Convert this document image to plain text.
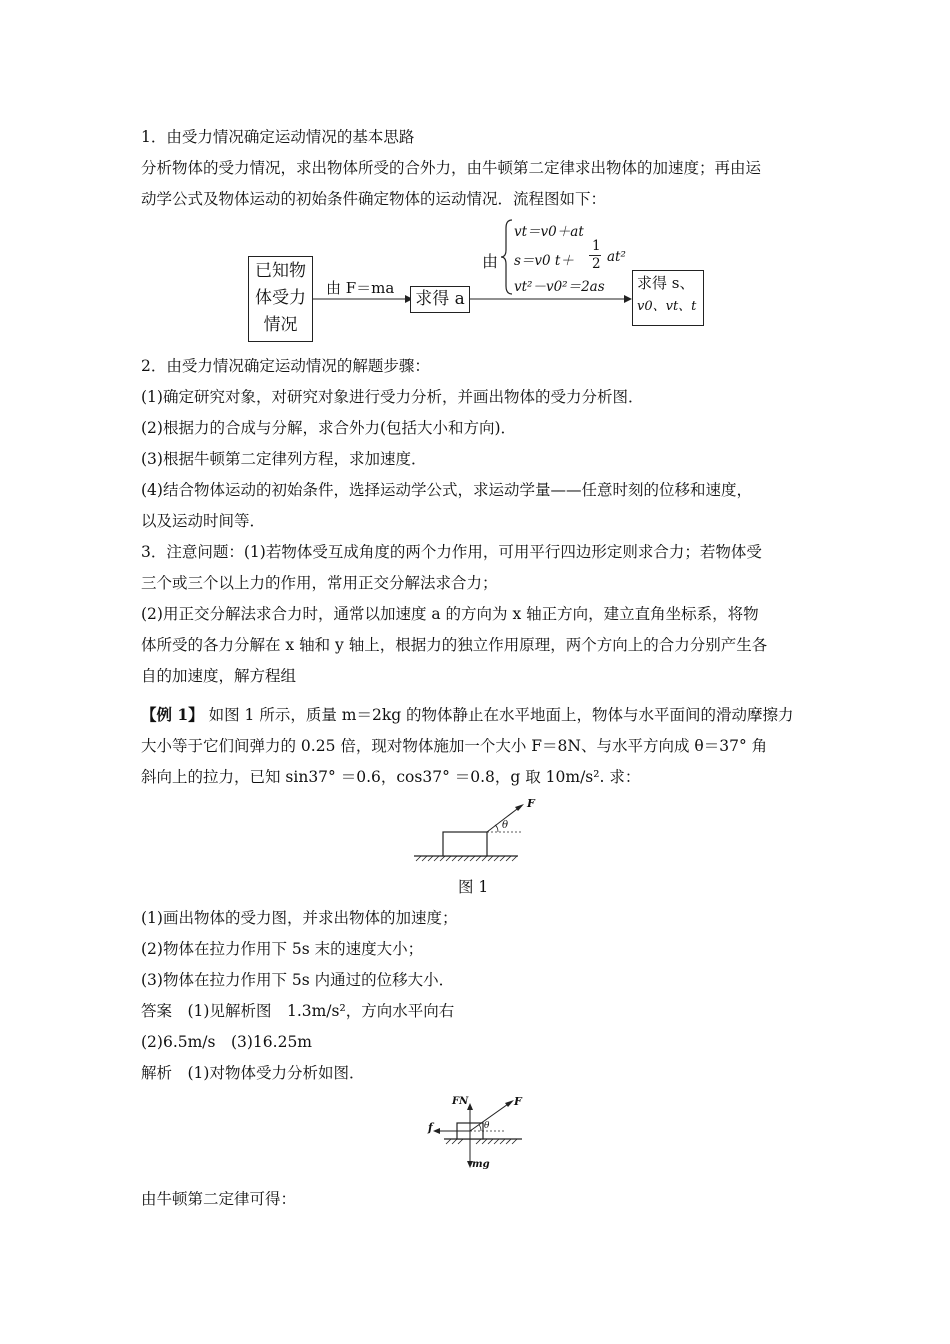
1．由受力情况确定运动情况的基本思路
分析物体的受力情况，求出物体所受的合外力，由牛顿第二定律求出物体的加速度；再由运
动学公式及物体运动的初始条件确定物体的运动情况．流程图如下：
已知物
体受力
情况
由 F＝ma
求得 a
由
vt＝v0＋at
s＝v0 t＋
1
2 at²
vt²－v0²＝2as 求得 s、
v0、vt、t
2．由受力情况确定运动情况的解题步骤：
(1)确定研究对象，对研究对象进行受力分析，并画出物体的受力分析图．
(2)根据力的合成与分解，求合外力(包括大小和方向)．
(3)根据牛顿第二定律列方程，求加速度．
(4)结合物体运动的初始条件，选择运动学公式，求运动学量——任意时刻的位移和速度，
以及运动时间等．
3．注意问题：(1)若物体受互成角度的两个力作用，可用平行四边形定则求合力；若物体受
三个或三个以上力的作用，常用正交分解法求合力；
(2)用正交分解法求合力时，通常以加速度 a 的方向为 x 轴正方向，建立直角坐标系，将物
体所受的各力分解在 x 轴和 y 轴上，根据力的独立作用原理，两个方向上的合力分别产生各
自的加速度，解方程组
【例 1】 如图 1 所示，质量 m＝2kg 的物体静止在水平地面上，物体与水平面间的滑动摩擦力
大小等于它们间弹力的 0.25 倍，现对物体施加一个大小 F＝8N、与水平方向成 θ＝37° 角
斜向上的拉力，已知 sin37° ＝0.6，cos37° ＝0.8，g 取 10m/s². 求：
F
θ
图 1
(1)画出物体的受力图，并求出物体的加速度；
(2)物体在拉力作用下 5s 末的速度大小；
(3)物体在拉力作用下 5s 内通过的位移大小．
答案　(1)见解析图　1.3m/s²，方向水平向右
(2)6.5m/s　(3)16.25m
解析　(1)对物体受力分析如图．
FN	F
f	θ
mg
由牛顿第二定律可得：
